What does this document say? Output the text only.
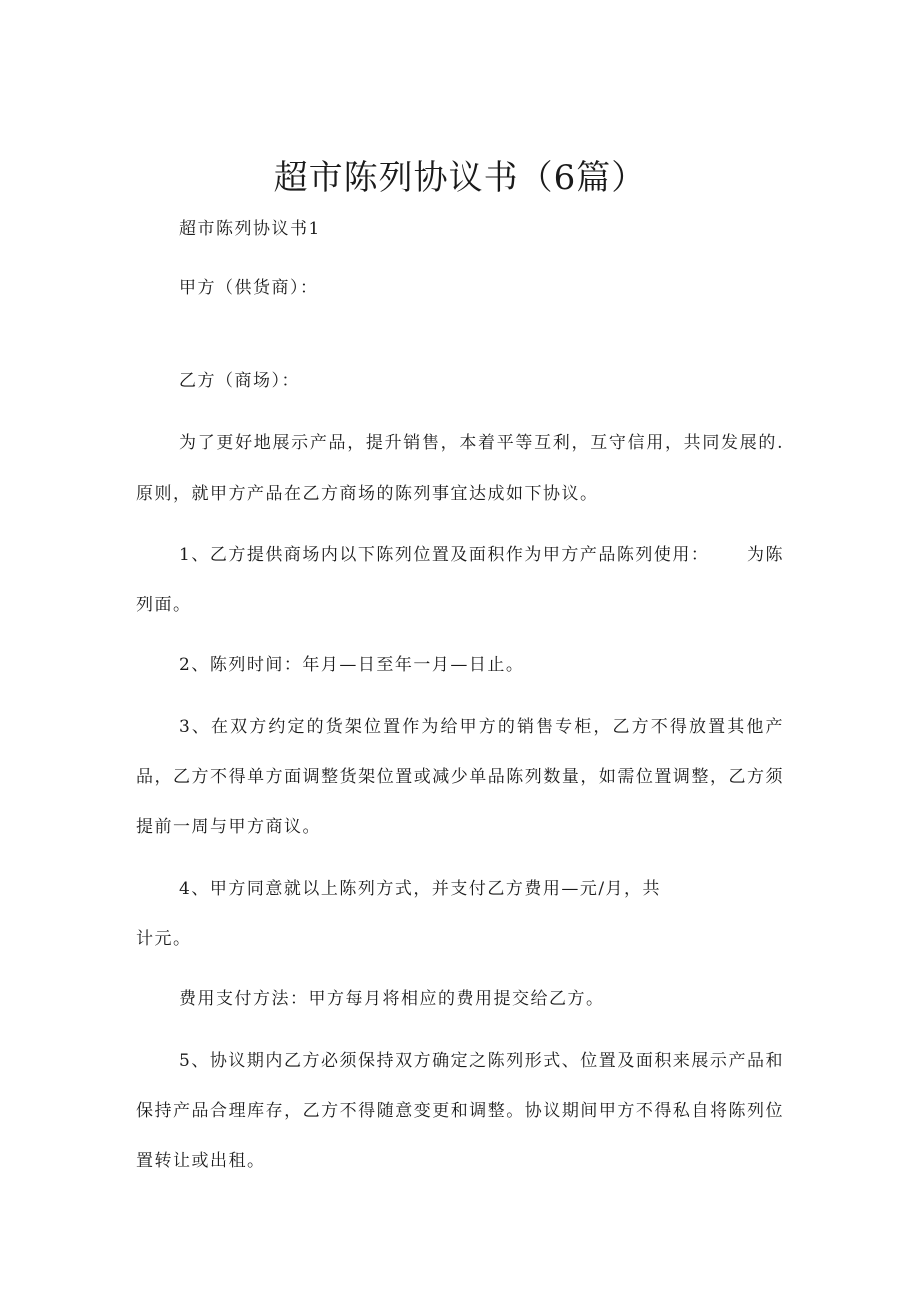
超市陈列协议书（6篇）

超市陈列协议书1

甲方（供货商）：

乙方（商场）：

为了更好地展示产品，提升销售，本着平等互利，互守信用，共同发展的.

原则，就甲方产品在乙方商场的陈列事宜达成如下协议。

1、乙方提供商场内以下陈列位置及面积作为甲方产品陈列使用： 为陈

列面。

2、陈列时间：年月—日至年一月—日止。

3、在双方约定的货架位置作为给甲方的销售专柜，乙方不得放置其他产

品，乙方不得单方面调整货架位置或减少单品陈列数量，如需位置调整，乙方须

提前一周与甲方商议。

4、甲方同意就以上陈列方式，并支付乙方费用—元/月，共

计元。

费用支付方法：甲方每月将相应的费用提交给乙方。

5、协议期内乙方必须保持双方确定之陈列形式、位置及面积来展示产品和

保持产品合理库存，乙方不得随意变更和调整。协议期间甲方不得私自将陈列位

置转让或出租。
